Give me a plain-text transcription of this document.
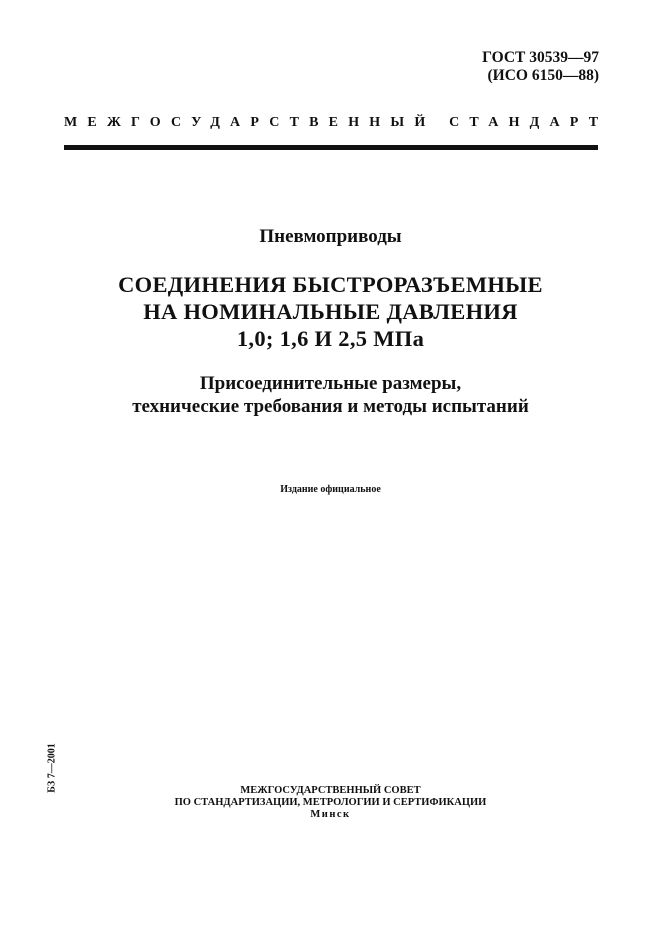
ГОСТ 30539—97
(ИСО 6150—88)
МЕЖГОСУДАРСТВЕННЫЙ СТАНДАРТ
Пневмоприводы
СОЕДИНЕНИЯ БЫСТРОРАЗЪЕМНЫЕ
НА НОМИНАЛЬНЫЕ ДАВЛЕНИЯ
1,0; 1,6 И 2,5 МПа
Присоединительные размеры,
технические требования и методы испытаний
Издание официальное
БЗ 7—2001	МЕЖГОСУДАРСТВЕННЫЙ СОВЕТ
ПО СТАНДАРТИЗАЦИИ, МЕТРОЛОГИИ И СЕРТИФИКАЦИИ
Минск
